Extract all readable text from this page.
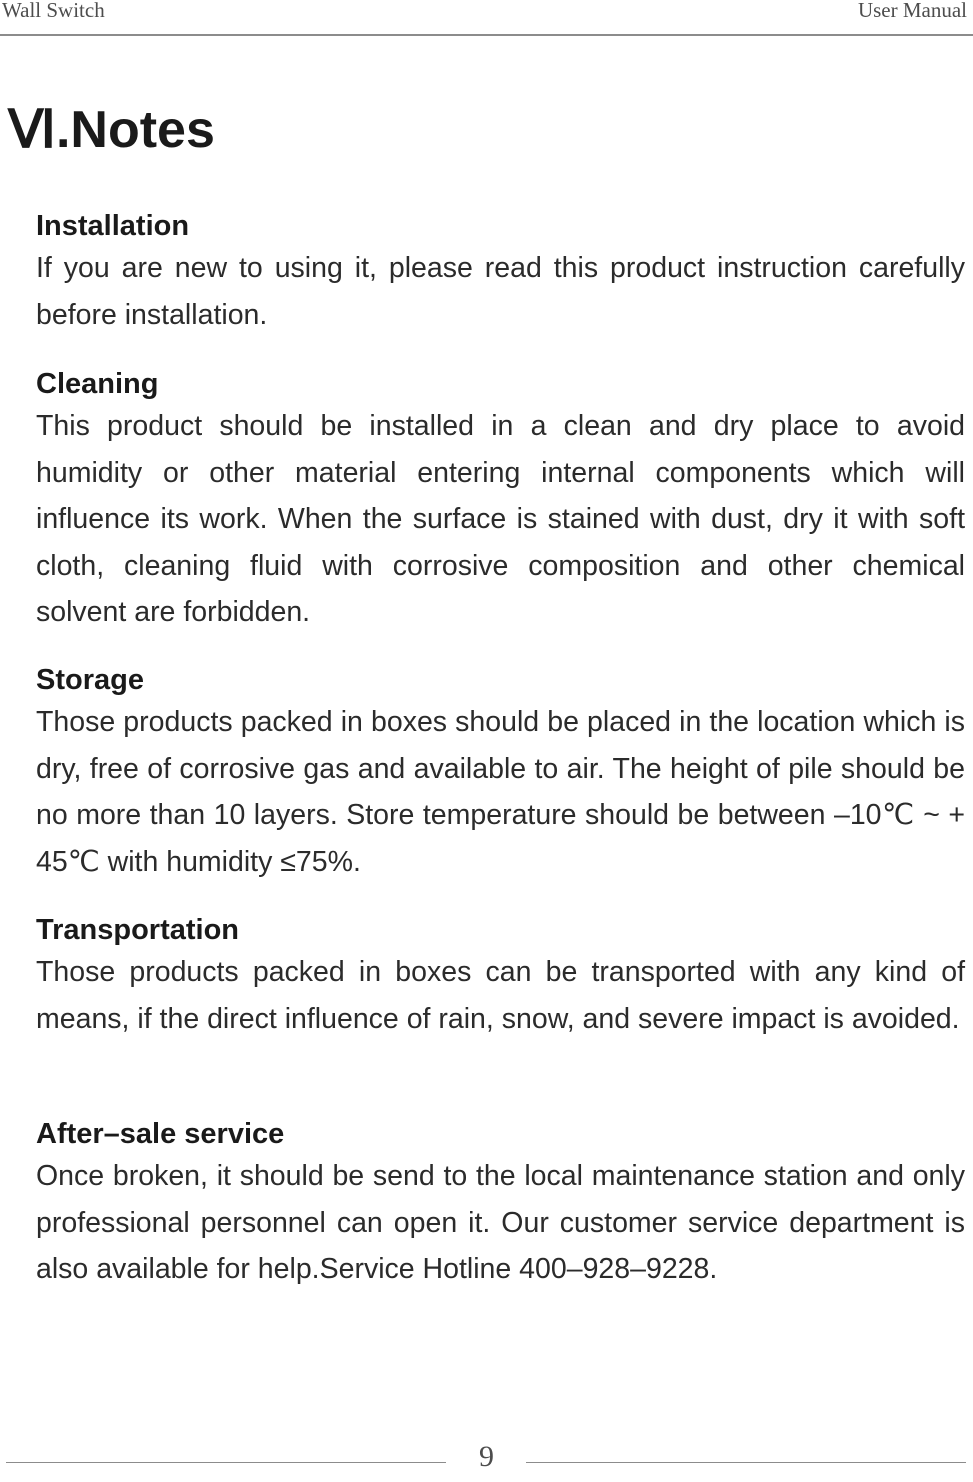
Wall Switch	User Manual
Ⅵ.Notes
Installation

If you are new to using it, please read this product instruction carefully before installation.

Cleaning

This product should be installed in a clean and dry place to avoid humidity or other material entering internal components which will influence its work. When the surface is stained with dust, dry it with soft cloth, cleaning fluid with corrosive composition and other chemical solvent are forbidden.

Storage

Those products packed in boxes should be placed in the location which is dry, free of corrosive gas and available to air. The height of pile should be no more than 10 layers. Store temperature should be between –10℃ ~ + 45℃ with humidity ≤75%.

Transportation

Those products packed in boxes can be transported with any kind of means, if the direct influence of rain, snow, and severe impact is avoided.

After–sale service

Once broken, it should be send to the local maintenance station and only professional personnel can open it. Our customer service department is also available for help.Service Hotline 400–928–9228.

9
